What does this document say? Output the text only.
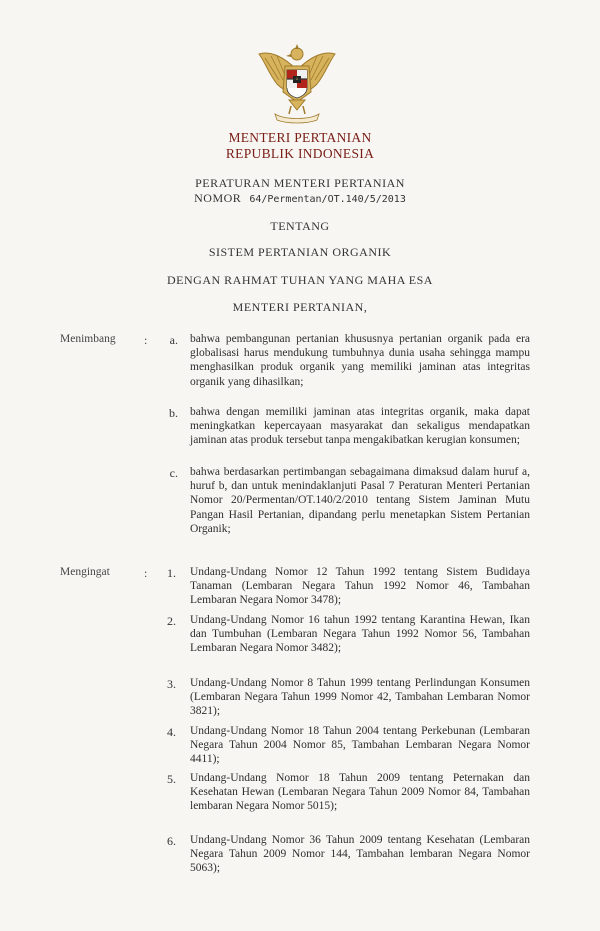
MENTERI PERTANIAN
REPUBLIK INDONESIA
PERATURAN MENTERI PERTANIAN
NOMOR 64/Permentan/OT.140/5/2013
TENTANG
SISTEM PERTANIAN ORGANIK
DENGAN RAHMAT TUHAN YANG MAHA ESA
MENTERI PERTANIAN,
Menimbang :	a. bahwa pembangunan pertanian khususnya pertanian organik pada era globalisasi harus mendukung tumbuhnya dunia usaha sehingga mampu menghasilkan produk organik yang memiliki jaminan atas integritas organik yang dihasilkan;
b. bahwa dengan memiliki jaminan atas integritas organik, maka dapat meningkatkan kepercayaan masyarakat dan sekaligus mendapatkan jaminan atas produk tersebut tanpa mengakibatkan kerugian konsumen;
c. bahwa berdasarkan pertimbangan sebagaimana dimaksud dalam huruf a, huruf b, dan untuk menindaklanjuti Pasal 7 Peraturan Menteri Pertanian Nomor 20/Permentan/OT.140/2/2010 tentang Sistem Jaminan Mutu Pangan Hasil Pertanian, dipandang perlu menetapkan Sistem Pertanian Organik;
Mengingat	:	1. Undang-Undang Nomor 12 Tahun 1992 tentang Sistem Budidaya Tanaman (Lembaran Negara Tahun 1992 Nomor 46, Tambahan Lembaran Negara Nomor 3478);
2. Undang-Undang Nomor 16 tahun 1992 tentang Karantina Hewan, Ikan dan Tumbuhan (Lembaran Negara Tahun 1992 Nomor 56, Tambahan Lembaran Negara Nomor 3482);
3. Undang-Undang Nomor 8 Tahun 1999 tentang Perlindungan Konsumen (Lembaran Negara Tahun 1999 Nomor 42, Tambahan Lembaran Nomor 3821);
4. Undang-Undang Nomor 18 Tahun 2004 tentang Perkebunan (Lembaran Negara Tahun 2004 Nomor 85, Tambahan Lembaran Negara Nomor 4411);
5. Undang-Undang Nomor 18 Tahun 2009 tentang Peternakan dan Kesehatan Hewan (Lembaran Negara Tahun 2009 Nomor 84, Tambahan lembaran Negara Nomor 5015);
6. Undang-Undang Nomor 36 Tahun 2009 tentang Kesehatan (Lembaran Negara Tahun 2009 Nomor 144, Tambahan lembaran Negara Nomor 5063);
